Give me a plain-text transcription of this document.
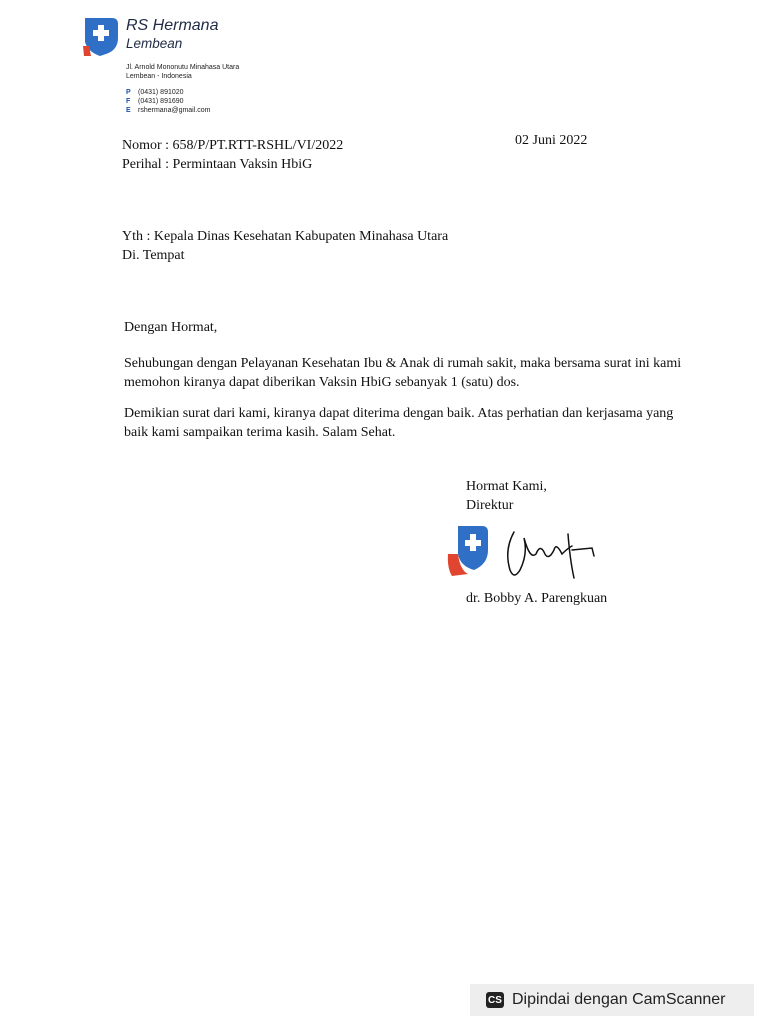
RS Hermana
Lembean
Jl. Arnold Mononutu Minahasa Utara
Lembean - Indonesia
P (0431) 891020
F (0431) 891690
E rshermana@gmail.com
Nomor : 658/P/PT.RTT-RSHL/VI/2022
Perihal : Permintaan Vaksin HbiG
02 Juni 2022
Yth : Kepala Dinas Kesehatan Kabupaten Minahasa Utara
Di. Tempat
Dengan Hormat,
Sehubungan dengan Pelayanan Kesehatan Ibu & Anak di rumah sakit, maka bersama surat ini kami memohon kiranya dapat diberikan Vaksin HbiG sebanyak 1 (satu) dos.
Demikian surat dari kami, kiranya dapat diterima dengan baik. Atas perhatian dan kerjasama yang baik kami sampaikan terima kasih. Salam Sehat.
Hormat Kami,
Direktur
dr. Bobby A. Parengkuan
CS Dipindai dengan CamScanner
